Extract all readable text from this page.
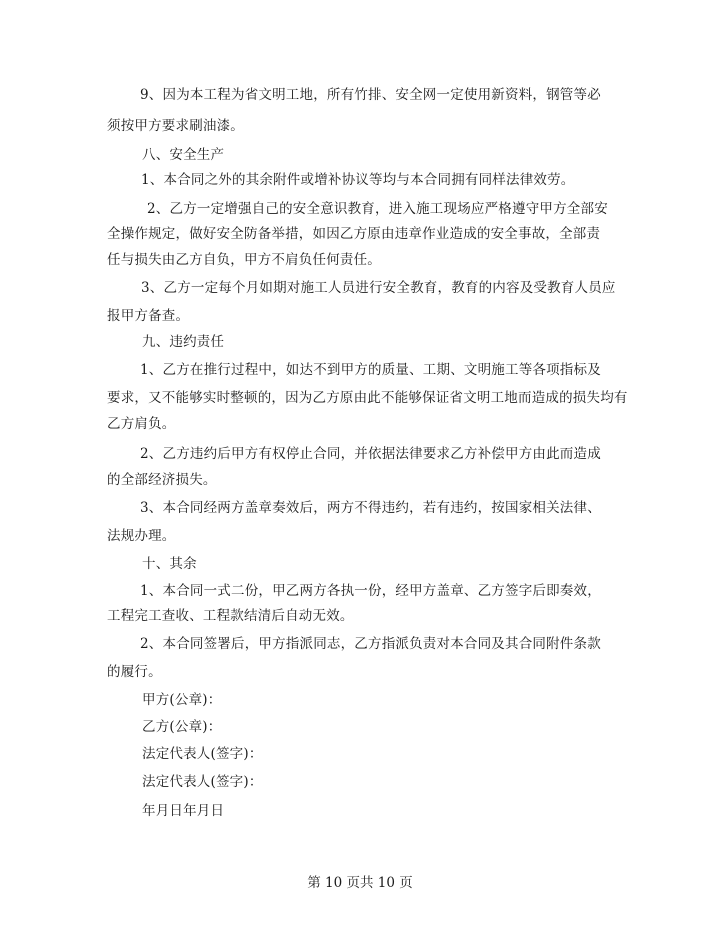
9、因为本工程为省文明工地，所有竹排、安全网一定使用新资料，钢管等必
须按甲方要求刷油漆。
八、安全生产
1、本合同之外的其余附件或增补协议等均与本合同拥有同样法律效劳。
2、乙方一定增强自己的安全意识教育，进入施工现场应严格遵守甲方全部安
全操作规定，做好安全防备举措，如因乙方原由违章作业造成的安全事故，全部责
任与损失由乙方自负，甲方不肩负任何责任。
3、乙方一定每个月如期对施工人员进行安全教育，教育的内容及受教育人员应
报甲方备查。
九、违约责任
1、乙方在推行过程中，如达不到甲方的质量、工期、文明施工等各项指标及
要求，又不能够实时整顿的，因为乙方原由此不能够保证省文明工地而造成的损失均有
乙方肩负。
2、乙方违约后甲方有权停止合同，并依据法律要求乙方补偿甲方由此而造成
的全部经济损失。
3、本合同经两方盖章奏效后，两方不得违约，若有违约，按国家相关法律、
法规办理。
十、其余
1、本合同一式二份，甲乙两方各执一份，经甲方盖章、乙方签字后即奏效，
工程完工查收、工程款结清后自动无效。
2、本合同签署后，甲方指派同志，乙方指派负责对本合同及其合同附件条款
的履行。
甲方(公章)：
乙方(公章)：
法定代表人(签字)：
法定代表人(签字)：
年月日年月日
第 10 页共 10 页
